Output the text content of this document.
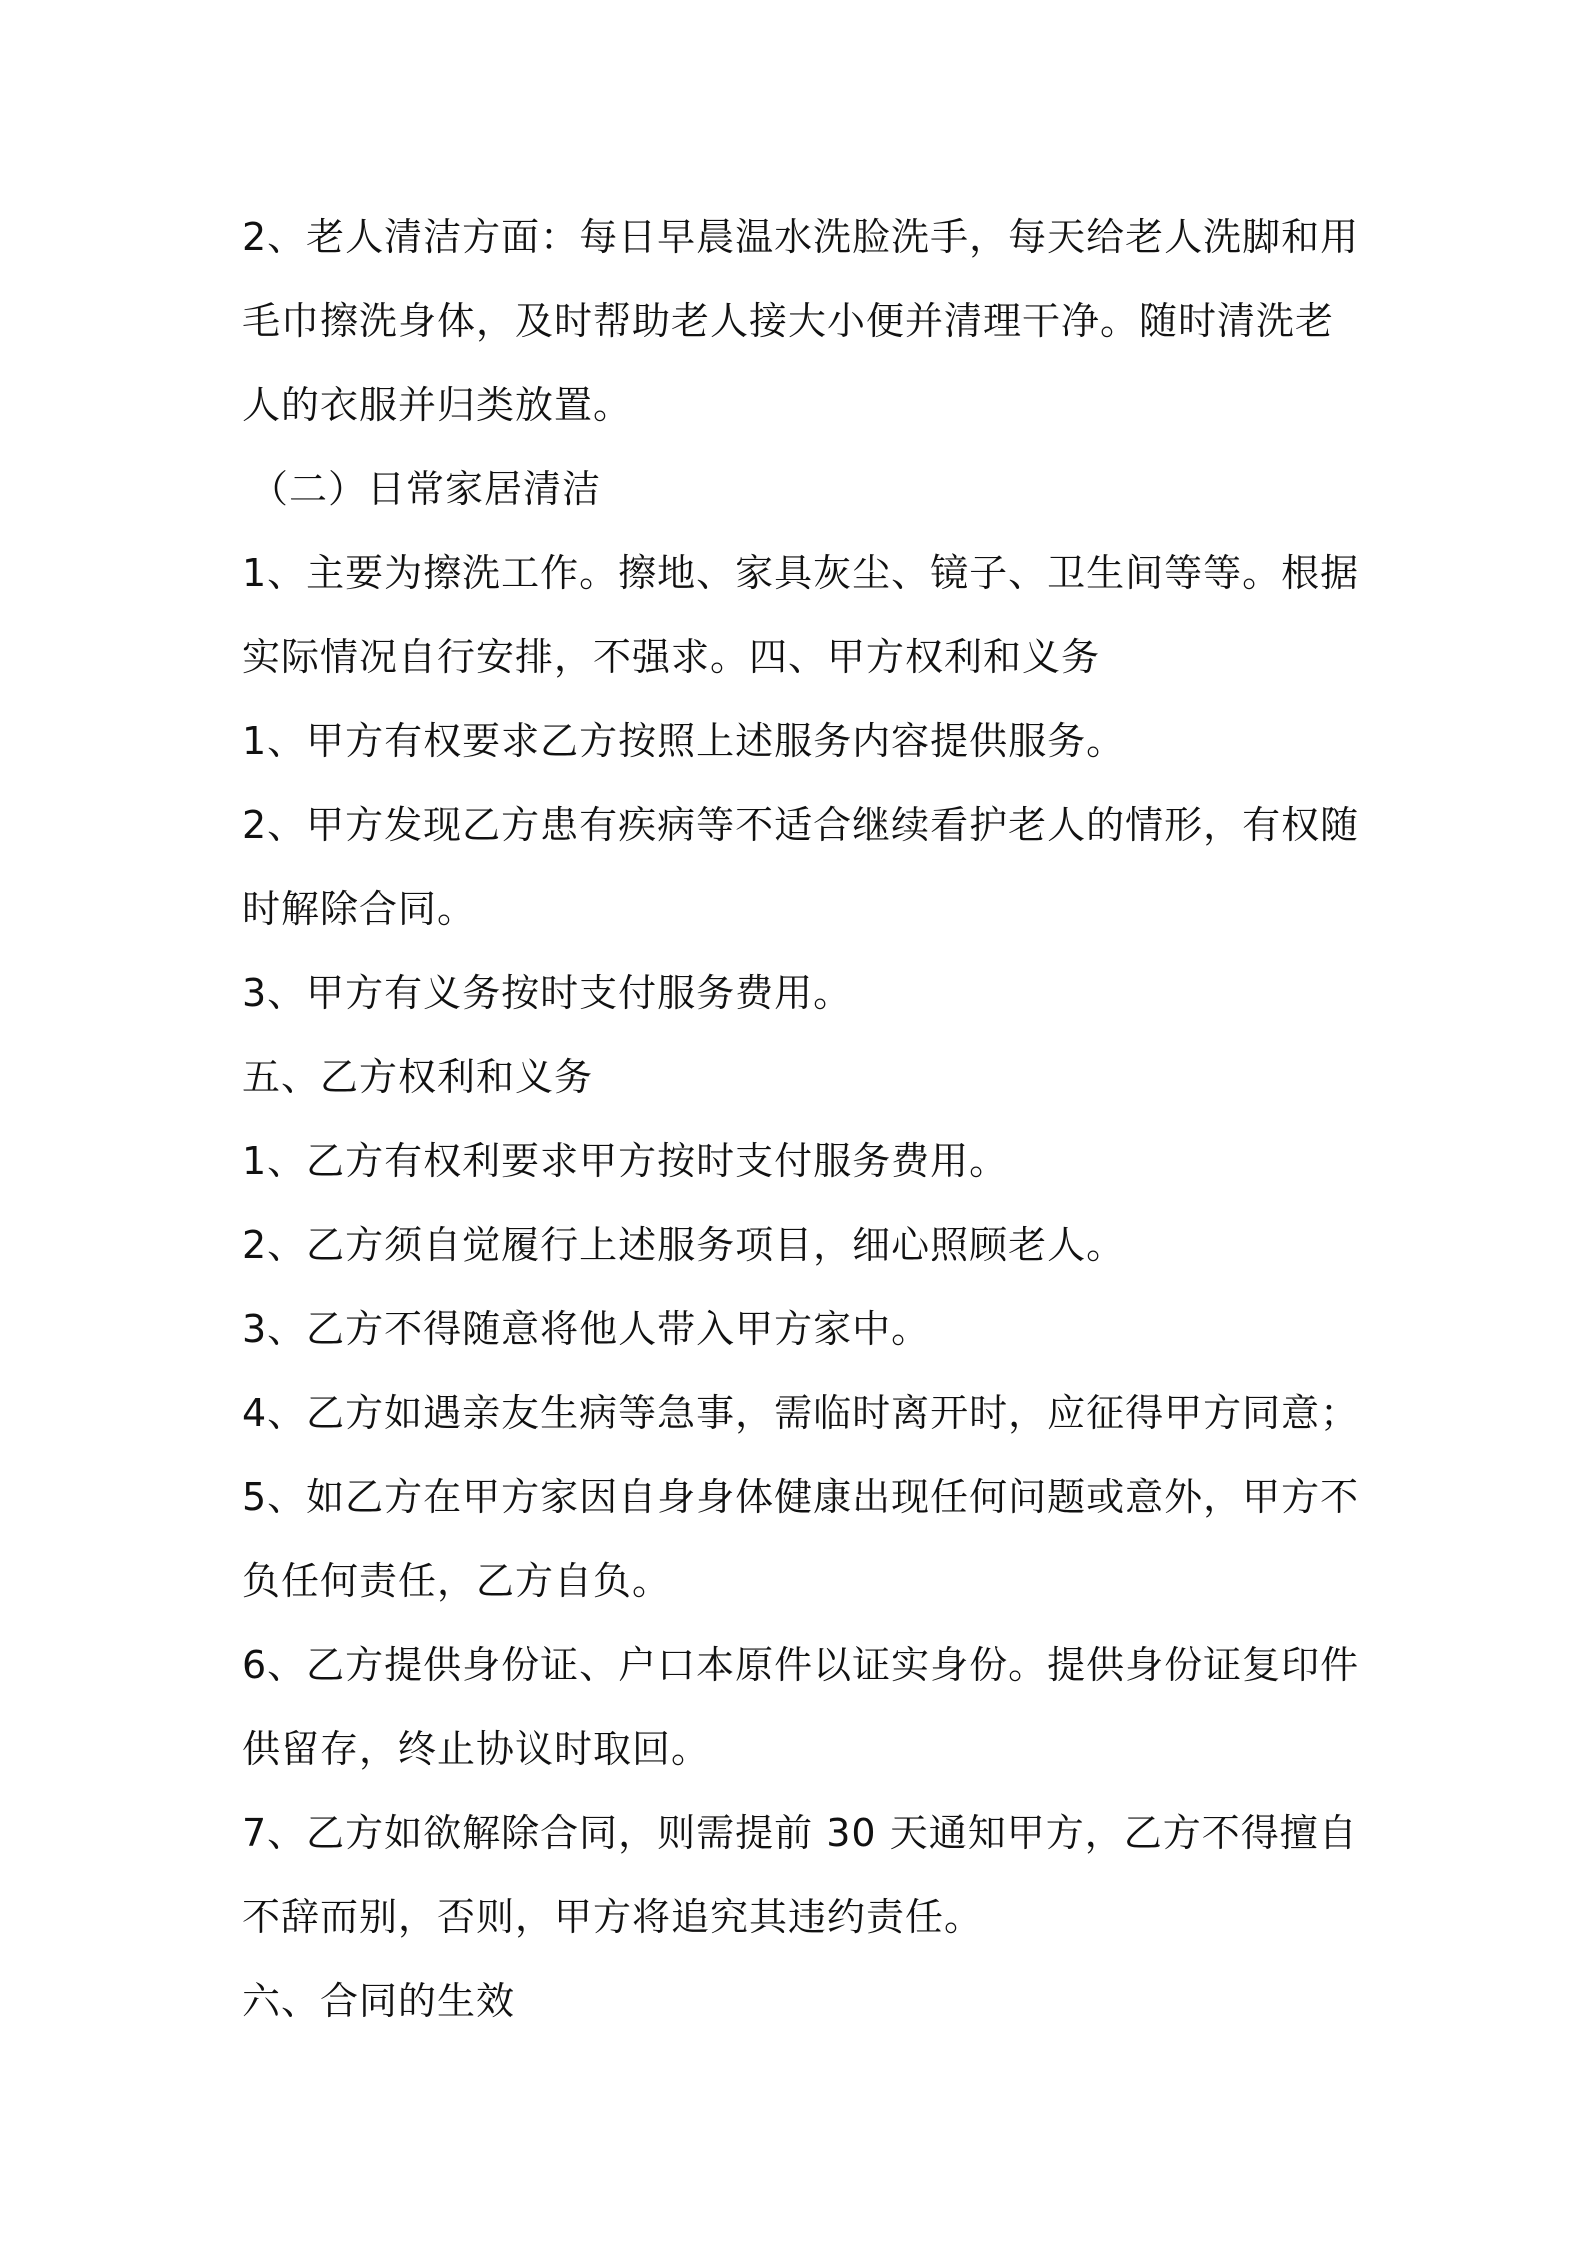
2、老人清洁方面：每日早晨温水洗脸洗手，每天给老人洗脚和用毛巾擦洗身体，及时帮助老人接大小便并清理干净。随时清洗老人的衣服并归类放置。

（二）日常家居清洁

1、主要为擦洗工作。擦地、家具灰尘、镜子、卫生间等等。根据实际情况自行安排，不强求。四、甲方权利和义务

1、甲方有权要求乙方按照上述服务内容提供服务。

2、甲方发现乙方患有疾病等不适合继续看护老人的情形，有权随时解除合同。

3、甲方有义务按时支付服务费用。

五、乙方权利和义务

1、乙方有权利要求甲方按时支付服务费用。

2、乙方须自觉履行上述服务项目，细心照顾老人。

3、乙方不得随意将他人带入甲方家中。

4、乙方如遇亲友生病等急事，需临时离开时，应征得甲方同意；

5、如乙方在甲方家因自身身体健康出现任何问题或意外，甲方不负任何责任，乙方自负。

6、乙方提供身份证、户口本原件以证实身份。提供身份证复印件供留存，终止协议时取回。

7、乙方如欲解除合同，则需提前 30 天通知甲方，乙方不得擅自不辞而别，否则，甲方将追究其违约责任。

六、合同的生效
